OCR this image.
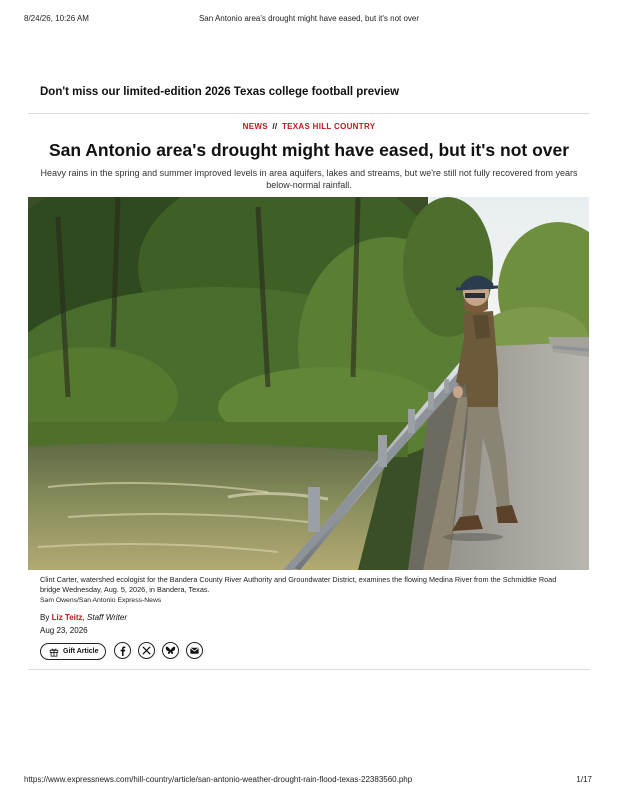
8/24/26, 10:26 AM	San Antonio area's drought might have eased, but it's not over
Don't miss our limited-edition 2026 Texas college football preview
NEWS // TEXAS HILL COUNTRY
San Antonio area's drought might have eased, but it's not over
Heavy rains in the spring and summer improved levels in area aquifers, lakes and streams, but we're still not fully recovered from years below-normal rainfall.
Clint Carter, watershed ecologist for the Bandera County River Authority and Groundwater District, examines the flowing Medina River from the Schmidtke Road bridge Wednesday, Aug. 5, 2026, in Bandera, Texas.
Sam Owens/San Antonio Express-News
By Liz Teitz, Staff Writer
Aug 23, 2026
Gift Article
https://www.expressnews.com/hill-country/article/san-antonio-weather-drought-rain-flood-texas-22383560.php	1/17
